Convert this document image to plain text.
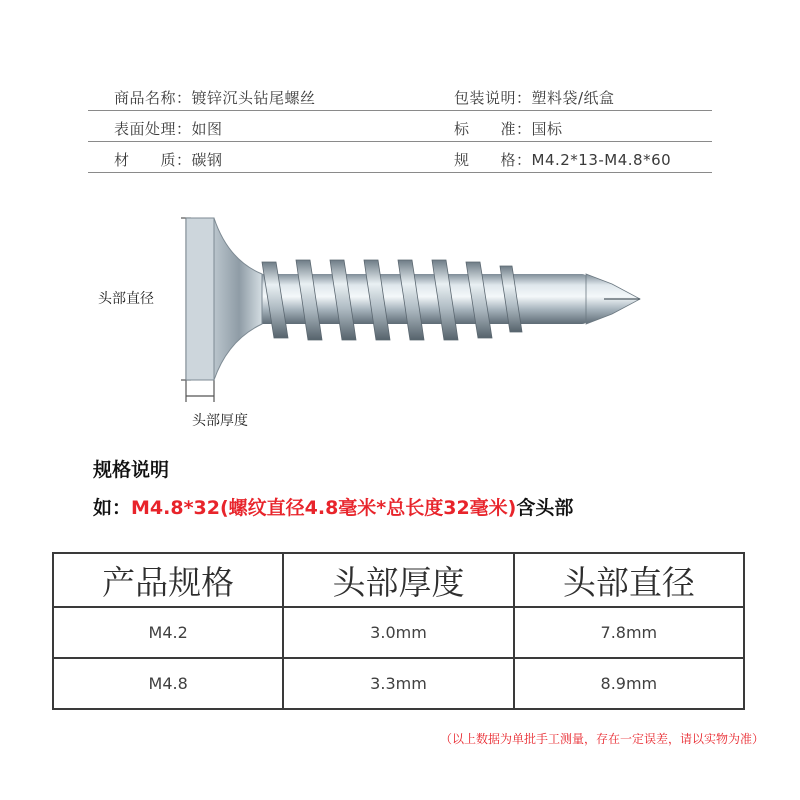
商品名称：镀锌沉头钻尾螺丝	包装说明：塑料袋/纸盒
表面处理：如图	标　　准：国标
材　　质：碳钢	规　　格：M4.2*13-M4.8*60
头部直径
头部厚度
规格说明
如：M4.8*32(螺纹直径4.8毫米*总长度32毫米)含头部
产品规格	头部厚度	头部直径
M4.2	3.0mm	7.8mm
M4.8	3.3mm	8.9mm
（以上数据为单批手工测量，存在一定误差，请以实物为准）
